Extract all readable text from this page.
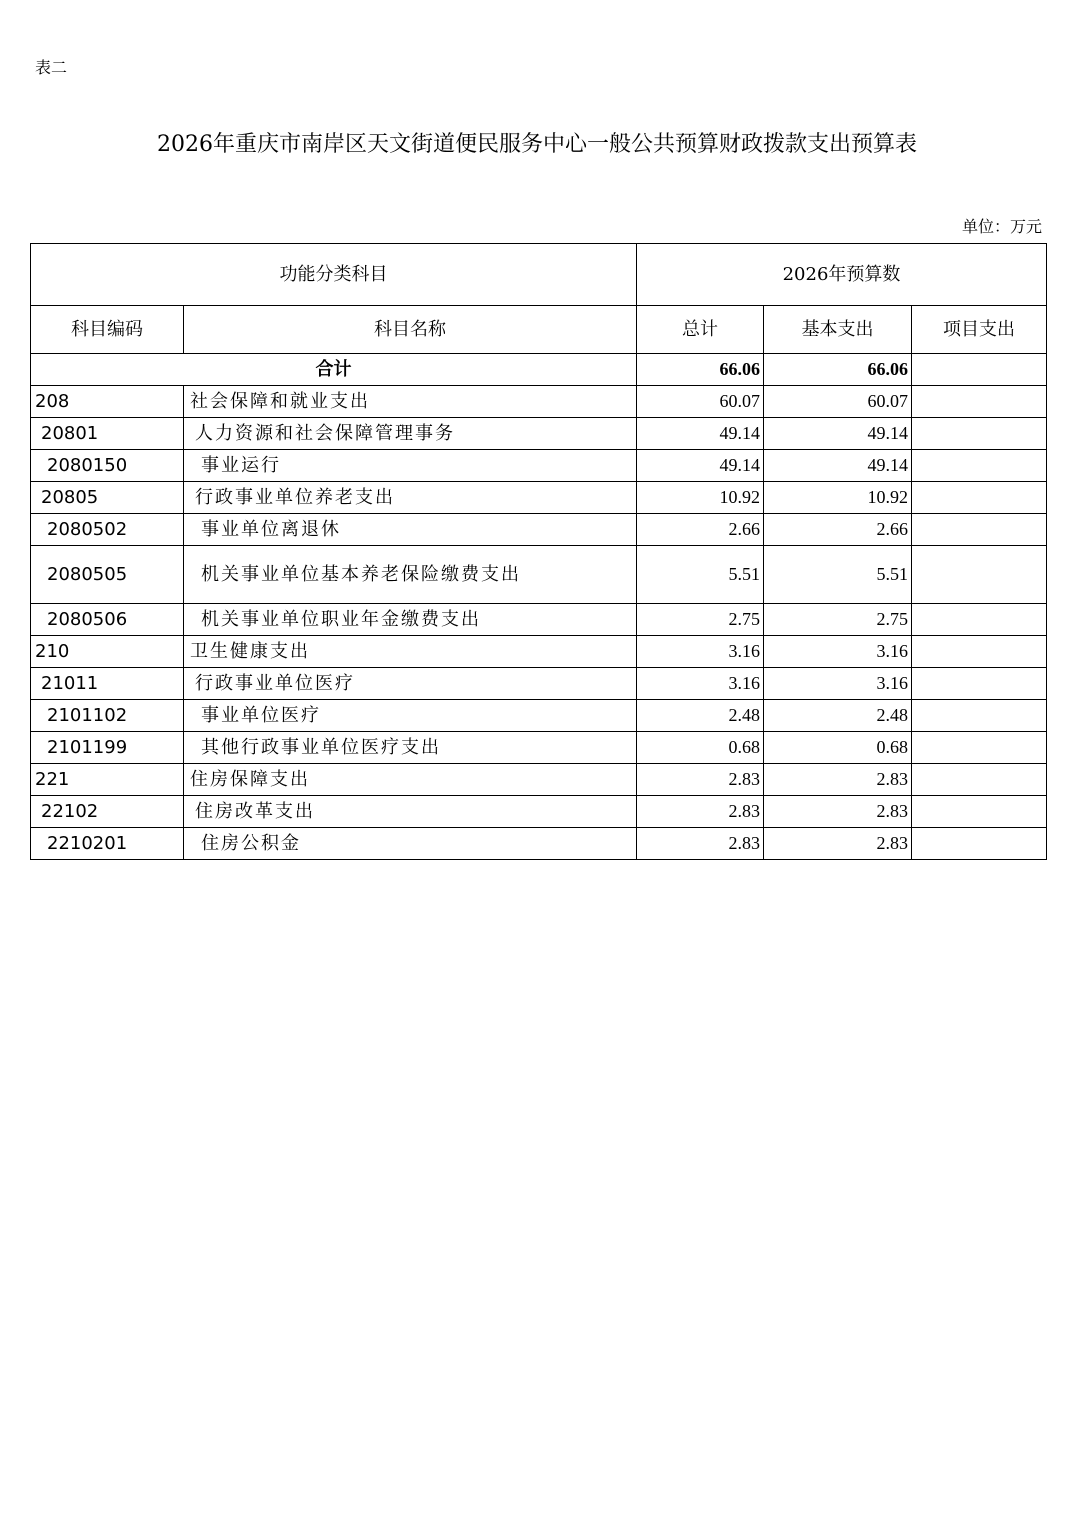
表二
2026年重庆市南岸区天文街道便民服务中心一般公共预算财政拨款支出预算表
单位：万元
功能分类科目		2026年预算数		
科目编码	科目名称	总计	基本支出	项目支出
合计		66.06	66.06	
208	社会保障和就业支出	60.07	60.07	
20801	人力资源和社会保障管理事务	49.14	49.14	
2080150	事业运行	49.14	49.14	
20805	行政事业单位养老支出	10.92	10.92	
2080502	事业单位离退休	2.66	2.66	
2080505	机关事业单位基本养老保险缴费支出	5.51	5.51	
2080506	机关事业单位职业年金缴费支出	2.75	2.75	
210	卫生健康支出	3.16	3.16	
21011	行政事业单位医疗	3.16	3.16	
2101102	事业单位医疗	2.48	2.48	
2101199	其他行政事业单位医疗支出	0.68	0.68	
221	住房保障支出	2.83	2.83	
22102	住房改革支出	2.83	2.83	
2210201	住房公积金	2.83	2.83	
